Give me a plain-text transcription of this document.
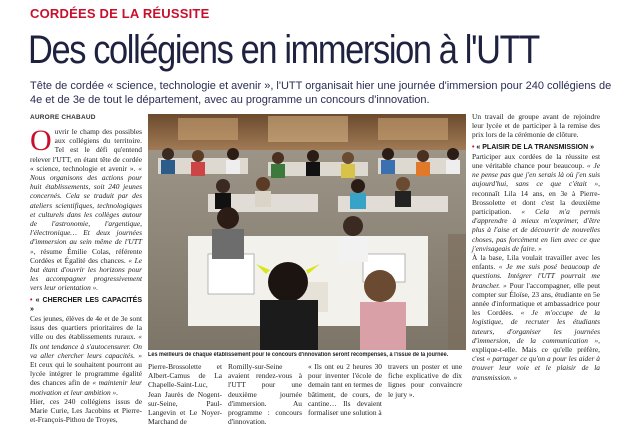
CORDÉES DE LA RÉUSSITE
Des collégiens en immersion à l'UTT

Tête de cordée « science, technologie et avenir », l'UTT organisait hier une journée d'immersion pour 240 collégiens de 4e et de 3e de tout le département, avec au programme un concours d'innovation.

AURORE CHABAUD
O uvrir le champ des possibles aux collégiens du territoire. Tel est le défi qu'entend relever l'UTT, en étant tête de cordée « science, technologie et avenir ». « Nous organisons des actions pour huit établissements, soit 240 jeunes concernés. Cela se traduit par des ateliers scientifiques, technologiques et culturels dans les collèges autour de l'astronomie, l'argentique, l'électronique… Et deux journées d'immersion au sein même de l'UTT », résume Émilie Colas, référente Cordées et Égalité des chances. « Le but étant d'ouvrir les horizons pour les accompagner progressivement vers leur orientation ».

• « CHERCHER LES CAPACITÉS »

Ces jeunes, élèves de 4e et de 3e sont issus des quartiers prioritaires de la ville ou des établissements ruraux. « Ils ont tendance à s'autocensurer. On va aller chercher leurs capacités. » Et ceux qui le souhaitent pourront au lycée intégrer le programme égalité des chances afin de « maintenir leur motivation et leur ambition ».

Hier, ces 240 collégiens issus de Marie Curie, Les Jacobins et Pierre-et-François-Pithou de Troyes,

Les meilleurs de chaque établissement pour le concours d'innovation seront récompensés, à l'issue de la journée.
Pierre-Brossolette et Albert-Camus de La Chapelle-Saint-Luc, Jean Jaurès de Nogent-sur-Seine, Paul-Langevin et Le Noyer-Marchand de
Romilly-sur-Seine avaient rendez-vous à l'UTT pour une deuxième journée d'immersion. Au programme : concours d'innovation.
« Ils ont eu 2 heures 30 pour inventer l'école de demain tant en termes de bâtiment, de cours, de cantine… Ils devaient formaliser une solution à
travers un poster et une fiche explicative de dix lignes pour convaincre le jury ».

Un travail de groupe avant de rejoindre leur lycée et de participer à la remise des prix lors de la cérémonie de clôture.

• « PLAISIR DE LA TRANSMISSION »

Participer aux cordées de la réussite est une véritable chance pour beaucoup. « Je ne pense pas que j'en serais là où j'en suis aujourd'hui, sans ce que c'était », reconnaît Lila 14 ans, en 3e à Pierre-Brossolette et dont c'est la deuxième participation. « Cela m'a permis d'apprendre à mieux m'exprimer, d'être plus à l'aise et de découvrir de nouvelles choses, pas forcément en lien avec ce que j'envisageais de faire. »

À la base, Lila voulait travailler avec les enfants. « Je me suis posé beaucoup de questions. Intégrer l'UTT pourrait me brancher. » Pour l'accompagner, elle peut compter sur Éloïse, 23 ans, étudiante en 5e année d'informatique et ambassadrice pour les Cordées. « Je m'occupe de la logistique, de recruter les étudiants tuteurs, d'organiser les journées d'immersion, de la communication », explique-t-elle. Mais ce qu'elle préfère, c'est « partager ce qu'on a pour les aider à trouver leur voie et le plaisir de la transmission. »
